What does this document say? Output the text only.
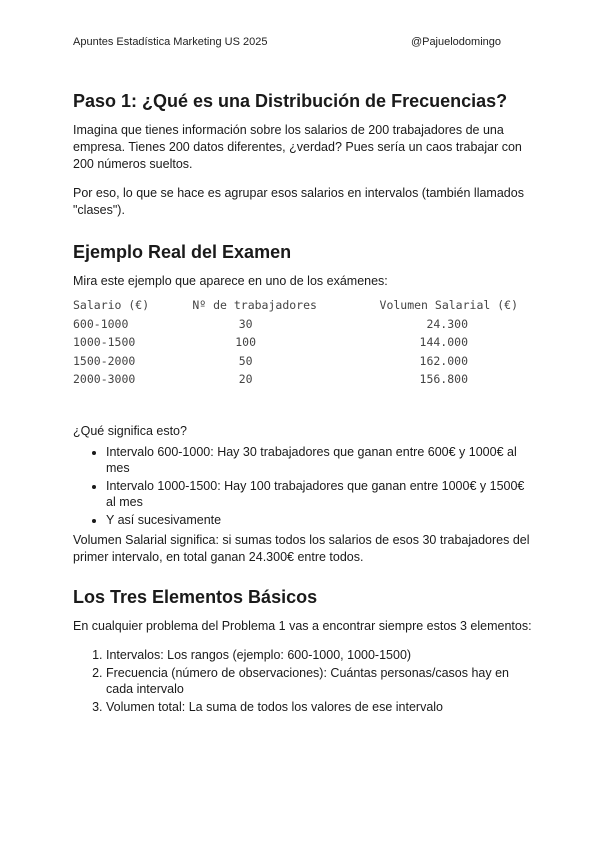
Apuntes Estadística Marketing US 2025	@Pajuelodomingo
Paso 1: ¿Qué es una Distribución de Frecuencias?

Imagina que tienes información sobre los salarios de 200 trabajadores de una empresa. Tienes 200 datos diferentes, ¿verdad? Pues sería un caos trabajar con 200 números sueltos.

Por eso, lo que se hace es agrupar esos salarios en intervalos (también llamados "clases").

Ejemplo Real del Examen

Mira este ejemplo que aparece en uno de los exámenes:

Salario (€)	Nº de trabajadores	Volumen Salarial (€)
600-1000	30	24.300
1000-1500	100	144.000
1500-2000	50	162.000
2000-3000	20	156.800

¿Qué significa esto?

• Intervalo 600-1000: Hay 30 trabajadores que ganan entre 600€ y 1000€ al mes
• Intervalo 1000-1500: Hay 100 trabajadores que ganan entre 1000€ y 1500€ al mes
• Y así sucesivamente

Volumen Salarial significa: si sumas todos los salarios de esos 30 trabajadores del primer intervalo, en total ganan 24.300€ entre todos.

Los Tres Elementos Básicos

En cualquier problema del Problema 1 vas a encontrar siempre estos 3 elementos:

1. Intervalos: Los rangos (ejemplo: 600-1000, 1000-1500)
2. Frecuencia (número de observaciones): Cuántas personas/casos hay en cada intervalo
3. Volumen total: La suma de todos los valores de ese intervalo
